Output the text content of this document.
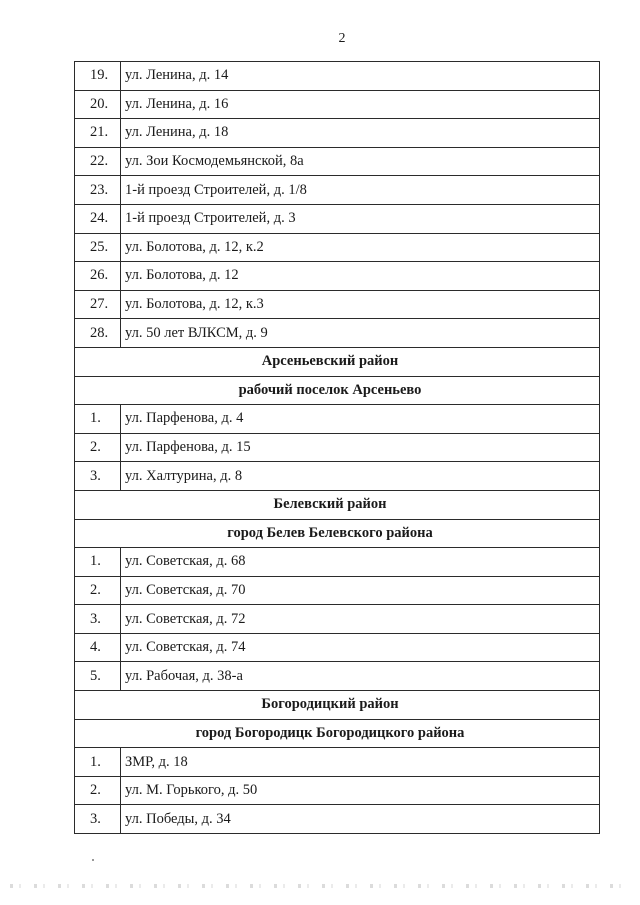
2
19.	ул. Ленина, д. 14
20.	ул. Ленина, д. 16
21.	ул. Ленина, д. 18
22.	ул. Зои Космодемьянской, 8а
23.	1-й проезд Строителей, д. 1/8
24.	1-й проезд Строителей, д. 3
25.	ул. Болотова, д. 12, к.2
26.	ул. Болотова, д. 12
27.	ул. Болотова, д. 12, к.3
28.	ул. 50 лет ВЛКСМ, д. 9
Арсеньевский район	
рабочий поселок Арсеньево	
1.	ул. Парфенова, д. 4
2.	ул. Парфенова, д. 15
3.	ул. Халтурина, д. 8
Белевский район	
город Белев Белевского района	
1.	ул. Советская, д. 68
2.	ул. Советская, д. 70
3.	ул. Советская, д. 72
4.	ул. Советская, д. 74
5.	ул. Рабочая, д. 38-а
Богородицкий район	
город Богородицк Богородицкого района	
1.	ЗМР, д. 18
2.	ул. М. Горького, д. 50
3.	ул. Победы, д. 34
